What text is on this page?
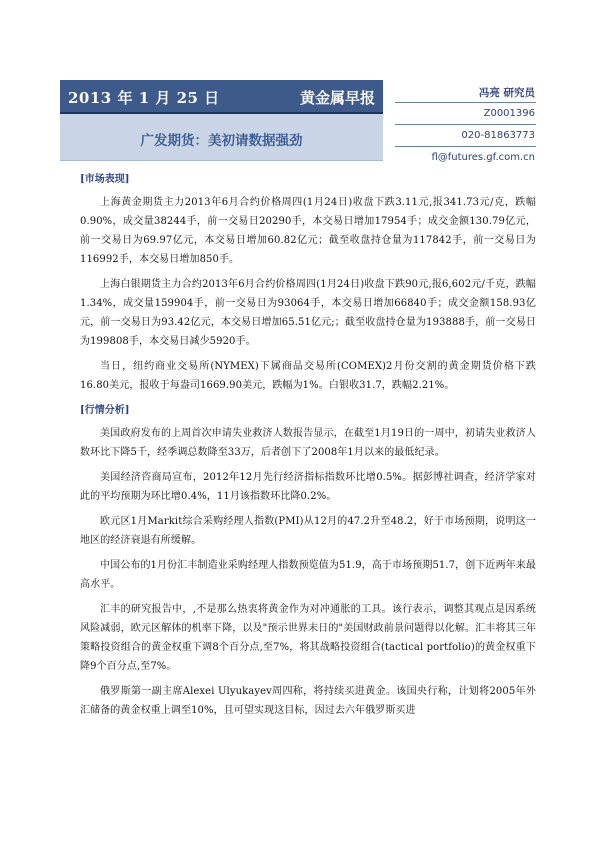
2013 年 1 月 25 日	黄金属早报
广发期货：美初请数据强劲
冯亮 研究员
Z0001396
020-81863773
fl@futures.gf.com.cn
[市场表现]

上海黄金期货主力2013年6月合约价格周四(1月24日)收盘下跌3.11元,报341.73元/克，跌幅0.90%，成交量38244手，前一交易日20290手，本交易日增加17954手；成交金额130.79亿元，前一交易日为69.97亿元，本交易日增加60.82亿元；截至收盘持仓量为117842手，前一交易日为116992手，本交易日增加850手。

上海白银期货主力合约2013年6月合约价格周四(1月24日)收盘下跌90元,报6,602元/千克，跌幅1.34%，成交量159904手，前一交易日为93064手，本交易日增加66840手；成交金额158.93亿元，前一交易日为93.42亿元，本交易日增加65.51亿元;；截至收盘持仓量为193888手，前一交易日为199808手，本交易日减少5920手。

当日，纽约商业交易所(NYMEX)下属商品交易所(COMEX)2月份交割的黄金期货价格下跌16.80美元，报收于每盎司1669.90美元，跌幅为1%。白银收31.7，跌幅2.21%。

[行情分析]

美国政府发布的上周首次申请失业救济人数报告显示，在截至1月19日的一周中，初请失业救济人数环比下降5千，经季调总数降至33万，后者创下了2008年1月以来的最低纪录。

美国经济咨商局宣布，2012年12月先行经济指标指数环比增0.5%。据彭博社调查，经济学家对此的平均预期为环比增0.4%，11月该指数环比降0.2%。

欧元区1月Markit综合采购经理人指数(PMI)从12月的47.2升至48.2，好于市场预期，说明这一地区的经济衰退有所缓解。

中国公布的1月份汇丰制造业采购经理人指数预览值为51.9，高于市场预期51.7，创下近两年来最高水平。

汇丰的研究报告中，,不是那么热衷将黄金作为对冲通胀的工具。该行表示，调整其观点是因系统风险减弱，欧元区解体的机率下降，以及"预示世界末日的"美国财政前景问题得以化解。汇丰将其三年策略投资组合的黄金权重下调8个百分点,至7%，将其战略投资组合(tactical portfolio)的黄金权重下降9个百分点,至7%。

俄罗斯第一副主席Alexei Ulyukayev周四称，将持续买进黄金。该国央行称，计划将2005年外汇储备的黄金权重上调至10%，且可望实现这目标，因过去六年俄罗斯买进
